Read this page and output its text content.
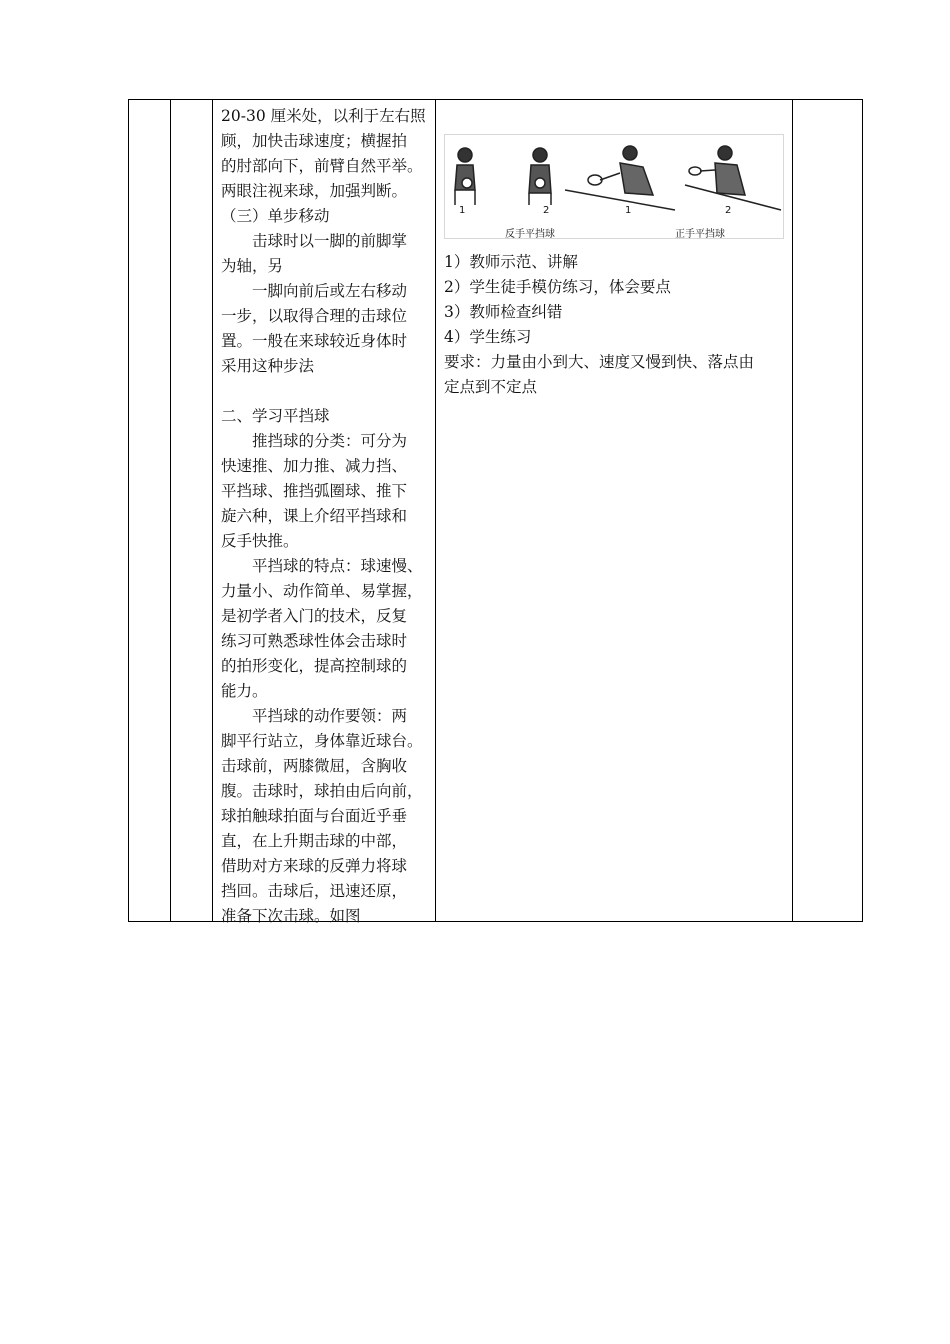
20-30 厘米处，以利于左右照

顾，加快击球速度；横握拍

的肘部向下，前臂自然平举。

两眼注视来球，加强判断。

（三）单步移动

击球时以一脚的前脚掌

为轴，另

一脚向前后或左右移动

一步，以取得合理的击球位

置。一般在来球较近身体时

采用这种步法

二、学习平挡球

推挡球的分类：可分为

快速推、加力推、减力挡、

平挡球、推挡弧圈球、推下

旋六种，课上介绍平挡球和

反手快推。

平挡球的特点：球速慢、

力量小、动作简单、易掌握，

是初学者入门的技术，反复

练习可熟悉球性体会击球时

的拍形变化，提高控制球的

能力。

平挡球的动作要领：两

脚平行站立，身体靠近球台。

击球前，两膝微屈，含胸收

腹。击球时，球拍由后向前，

球拍触球拍面与台面近乎垂

直，在上升期击球的中部，

借助对方来球的反弹力将球

挡回。击球后，迅速还原，

准备下次击球。如图

1	2	1	2
反手平挡球	正手平挡球

1）教师示范、讲解

2）学生徒手模仿练习，体会要点

3）教师检查纠错

4）学生练习

要求：力量由小到大、速度又慢到快、落点由

定点到不定点
